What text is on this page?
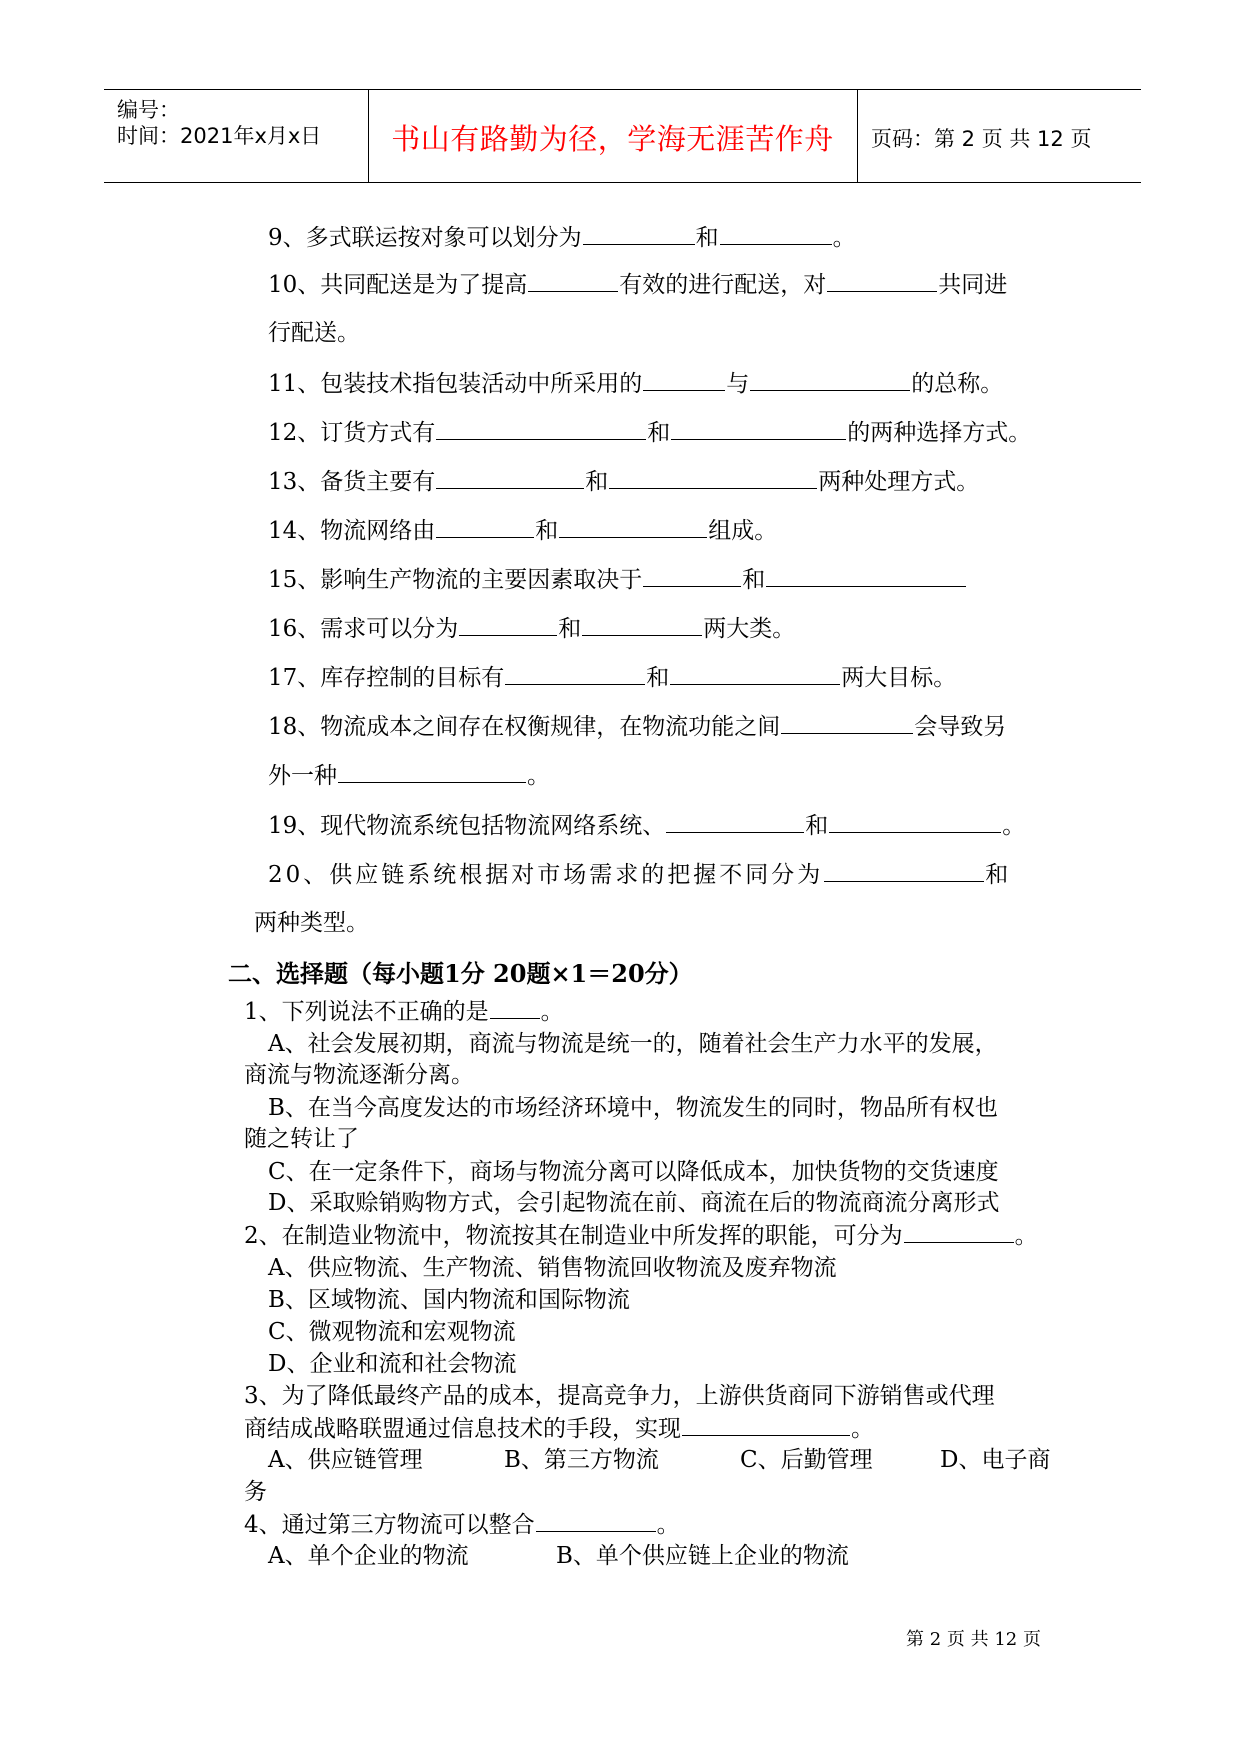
编号：
时间：2021年x月x日	书山有路勤为径，学海无涯苦作舟	页码：第 2 页 共 12 页
9、多式联运按对象可以划分为	和	。
10、共同配送是为了提高	有效的进行配送，对	共同进
行配送。
11、包装技术指包装活动中所采用的	与	的总称。
12、订货方式有	和	的两种选择方式。
13、备货主要有	和	两种处理方式。
14、物流网络由	和	组成。
15、影响生产物流的主要因素取决于	和
16、需求可以分为	和	两大类。
17、库存控制的目标有	和	两大目标。
18、物流成本之间存在权衡规律，在物流功能之间	会导致另
外一种	。
19、现代物流系统包括物流网络系统、	和	。
20、供应链系统根据对市场需求的把握不同分为	和
两种类型。
二、选择题（每小题1分 20题×1＝20分）
1、下列说法不正确的是 。
A、社会发展初期，商流与物流是统一的，随着社会生产力水平的发展，
商流与物流逐渐分离。
B、在当今高度发达的市场经济环境中，物流发生的同时，物品所有权也
随之转让了
C、在一定条件下，商场与物流分离可以降低成本，加快货物的交货速度
D、采取赊销购物方式，会引起物流在前、商流在后的物流商流分离形式
2、在制造业物流中，物流按其在制造业中所发挥的职能，可分为	。
A、供应物流、生产物流、销售物流回收物流及废弃物流
B、区域物流、国内物流和国际物流
C、微观物流和宏观物流
D、企业和流和社会物流
3、为了降低最终产品的成本，提高竞争力，上游供货商同下游销售或代理
商结成战略联盟通过信息技术的手段，实现	。
A、供应链管理	B、第三方物流	C、后勤管理	D、电子商
务
4、通过第三方物流可以整合	。
A、单个企业的物流	B、单个供应链上企业的物流
第 2 页 共 12 页
